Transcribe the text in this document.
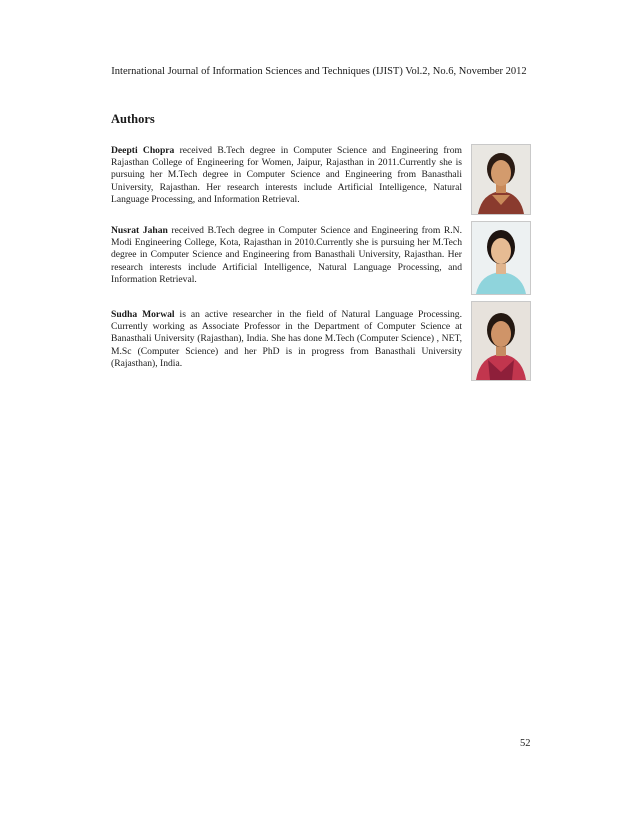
International Journal of Information Sciences and Techniques (IJIST) Vol.2, No.6, November 2012
Authors
Deepti Chopra received B.Tech degree in Computer Science and Engineering from Rajasthan College of Engineering for Women, Jaipur, Rajasthan in 2011.Currently she is pursuing her M.Tech degree in Computer Science and Engineering from Banasthali University, Rajasthan. Her research interests include Artificial Intelligence, Natural Language Processing, and Information Retrieval.
Nusrat Jahan received B.Tech degree in Computer Science and Engineering from R.N. Modi Engineering College, Kota, Rajasthan in 2010.Currently she is pursuing her M.Tech degree in Computer Science and Engineering from Banasthali University, Rajasthan. Her research interests include Artificial Intelligence, Natural Language Processing, and Information Retrieval.
Sudha Morwal is an active researcher in the field of Natural Language Processing. Currently working as Associate Professor in the Department of Computer Science at Banasthali University (Rajasthan), India. She has done M.Tech (Computer Science) , NET, M.Sc (Computer Science) and her PhD is in progress from Banasthali University (Rajasthan), India.
52
